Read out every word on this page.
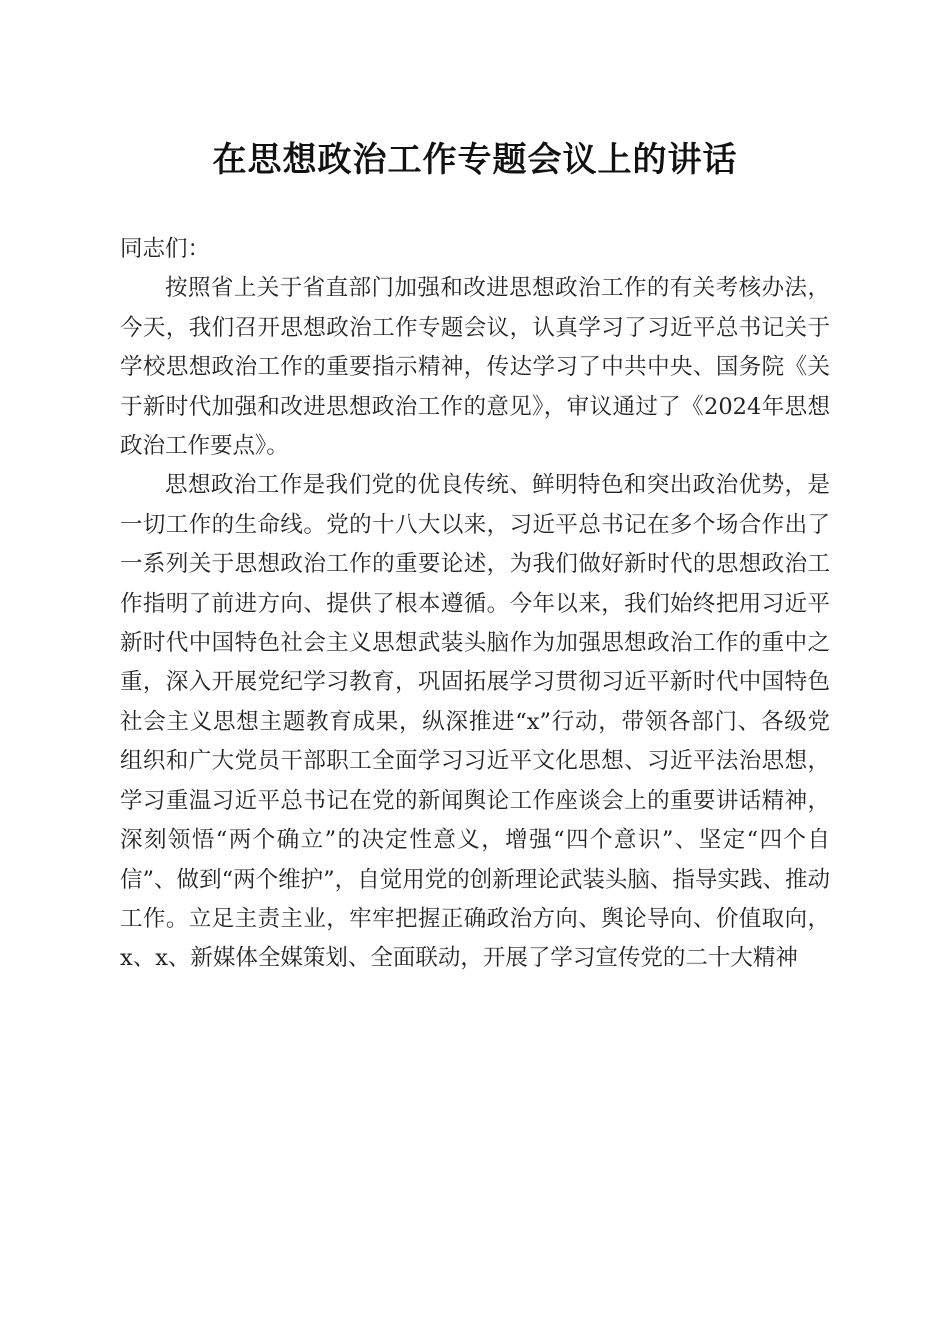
在思想政治工作专题会议上的讲话

同志们：

按照省上关于省直部门加强和改进思想政治工作的有关考核办法，今天，我们召开思想政治工作专题会议，认真学习了习近平总书记关于学校思想政治工作的重要指示精神，传达学习了中共中央、国务院《关于新时代加强和改进思想政治工作的意见》，审议通过了《2024年思想政治工作要点》。

思想政治工作是我们党的优良传统、鲜明特色和突出政治优势，是一切工作的生命线。党的十八大以来，习近平总书记在多个场合作出了一系列关于思想政治工作的重要论述，为我们做好新时代的思想政治工作指明了前进方向、提供了根本遵循。今年以来，我们始终把用习近平新时代中国特色社会主义思想武装头脑作为加强思想政治工作的重中之重，深入开展党纪学习教育，巩固拓展学习贯彻习近平新时代中国特色社会主义思想主题教育成果，纵深推进“x”行动，带领各部门、各级党组织和广大党员干部职工全面学习习近平文化思想、习近平法治思想，学习重温习近平总书记在党的新闻舆论工作座谈会上的重要讲话精神，深刻领悟“两个确立”的决定性意义，增强“四个意识”、坚定“四个自信”、做到“两个维护”，自觉用党的创新理论武装头脑、指导实践、推动工作。立足主责主业，牢牢把握正确政治方向、舆论导向、价值取向，x、x、新媒体全媒策划、全面联动，开展了学习宣传党的二十大精神
